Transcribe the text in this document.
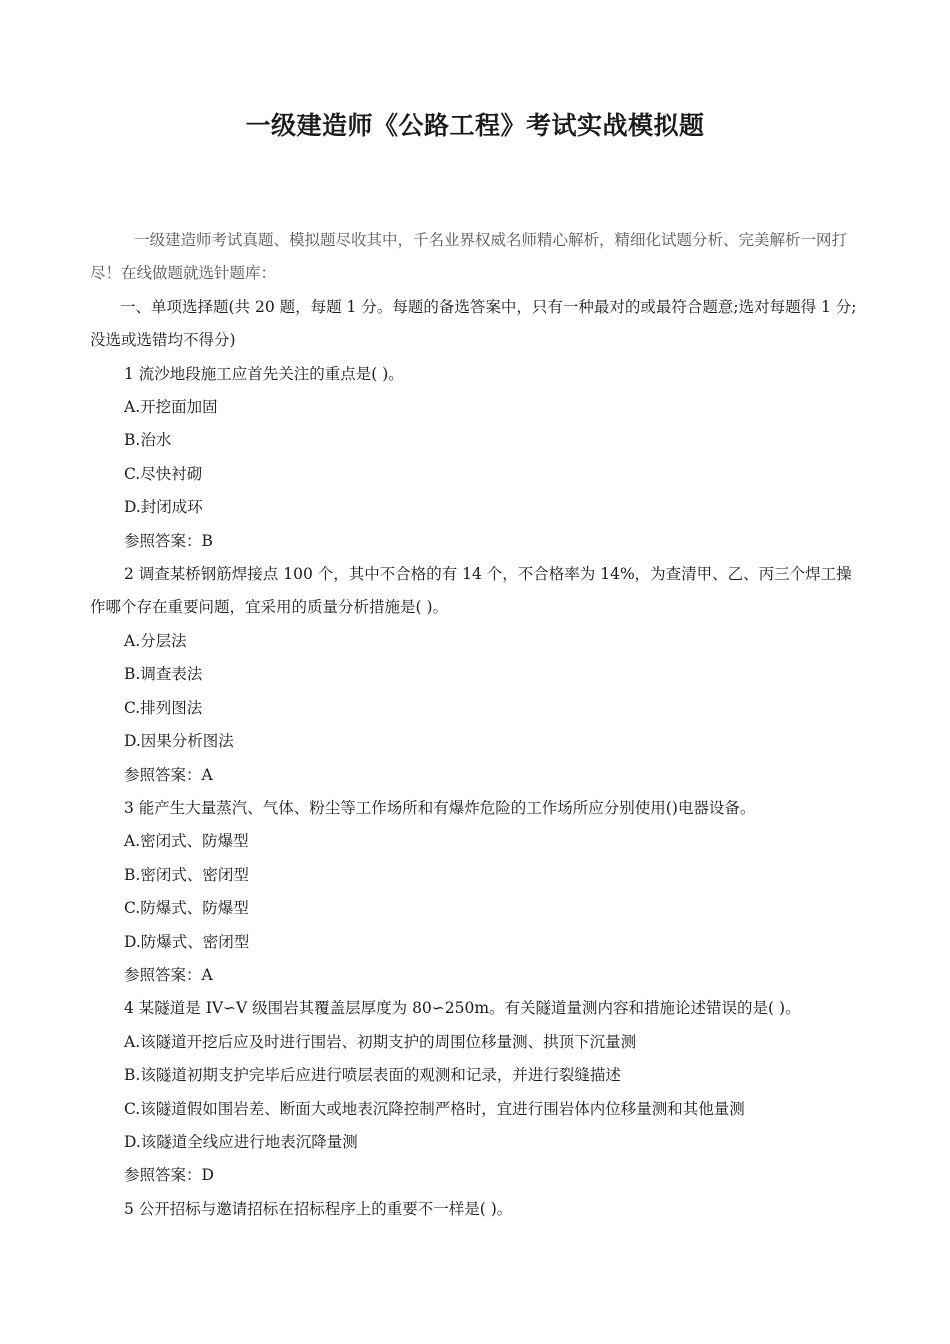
一级建造师《公路工程》考试实战模拟题

一级建造师考试真题、模拟题尽收其中，千名业界权威名师精心解析，精细化试题分析、完美解析一网打 尽！在线做题就选针题库：

一、单项选择题(共 20 题，每题 1 分。每题的备选答案中，只有一种最对的或最符合题意;选对每题得 1 分;没选或选错均不得分)

1 流沙地段施工应首先关注的重点是( )。

A.开挖面加固

B.治水

C.尽快衬砌

D.封闭成环

参照答案：B

2 调查某桥钢筋焊接点 100 个，其中不合格的有 14 个，不合格率为 14%，为查清甲、乙、丙三个焊工操作哪个存在重要问题，宜采用的质量分析措施是( )。

A.分层法

B.调查表法

C.排列图法

D.因果分析图法

参照答案：A

3 能产生大量蒸汽、气体、粉尘等工作场所和有爆炸危险的工作场所应分别使用()电器设备。

A.密闭式、防爆型

B.密闭式、密闭型

C.防爆式、防爆型

D.防爆式、密闭型

参照答案：A

4 某隧道是 IV∽V 级围岩其覆盖层厚度为 80∽250m。有关隧道量测内容和措施论述错误的是( )。

A.该隧道开挖后应及时进行围岩、初期支护的周围位移量测、拱顶下沉量测

B.该隧道初期支护完毕后应进行喷层表面的观测和记录，并进行裂缝描述

C.该隧道假如围岩差、断面大或地表沉降控制严格时，宜进行围岩体内位移量测和其他量测

D.该隧道全线应进行地表沉降量测

参照答案：D

5 公开招标与邀请招标在招标程序上的重要不一样是( )。
